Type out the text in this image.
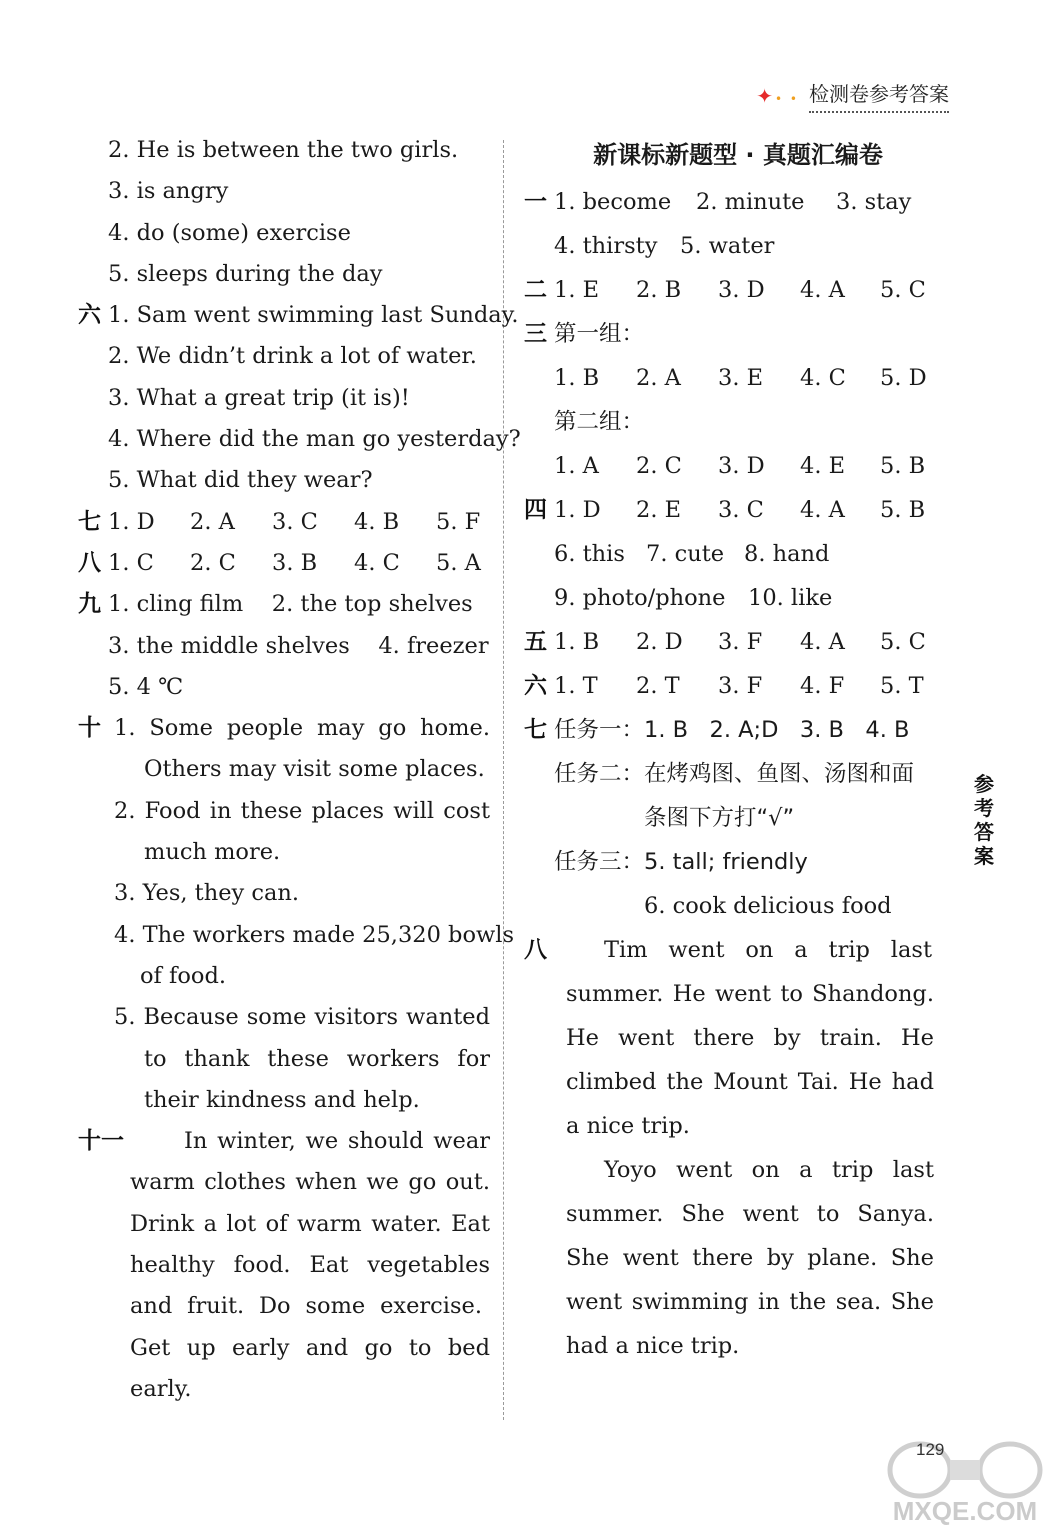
✦• • 检测卷参考答案
2. He is between the two girls.
3. is angry
4. do (some) exercise
5. sleeps during the day
六 1. Sam went swimming last Sunday.
2. We didn’t drink a lot of water.
3. What a great trip (it is)!
4. Where did the man go yesterday?
5. What did they wear?
七 1. D	2. A	3. C	4. B	5. F
八 1. C	2. C	3. B	4. C	5. A
九 1. cling film    2. the top shelves
3. the middle shelves    4. freezer
5. 4 ℃
十 1. Some people may go home.
Others may visit some places.
2. Food in these places will cost
much more.
3. Yes, they can.
4. The workers made 25,320 bowls
of food.
5. Because some visitors wanted
to thank these workers for
their kindness and help.
十一	In winter, we should wear
warm clothes when we go out.
Drink a lot of warm water. Eat
healthy food. Eat vegetables
and fruit. Do some exercise.
Get up early and go to bed
early.
新课标新题型 · 真题汇编卷
一 1. become	2. minute	3. stay
4. thirsty	5. water
二 1. E	2. B	3. D	4. A	5. C
三 第一组：
1. B	2. A	3. E	4. C	5. D
第二组：
1. A	2. C	3. D	4. E	5. B
四 1. D	2. E	3. C	4. A	5. B
6. this 7. cute 8. hand
9. photo/phone	10. like
五 1. B	2. D	3. F	4. A	5. C
六 1. T	2. T	3. F	4. F	5. T
七 任务一：1. B   2. A;D   3. B   4. B
任务二：在烤鸡图、鱼图、汤图和面
条图下方打“√”
任务三：5. tall; friendly
6. cook delicious food
八	Tim went on a trip last
summer. He went to Shandong.
He went there by train. He
climbed the Mount Tai. He had
a nice trip.
Yoyo went on a trip last
summer. She went to Sanya.
She went there by plane. She
went swimming in the sea. She
had a nice trip.
参
考
答
案
MXQE.COM
129
